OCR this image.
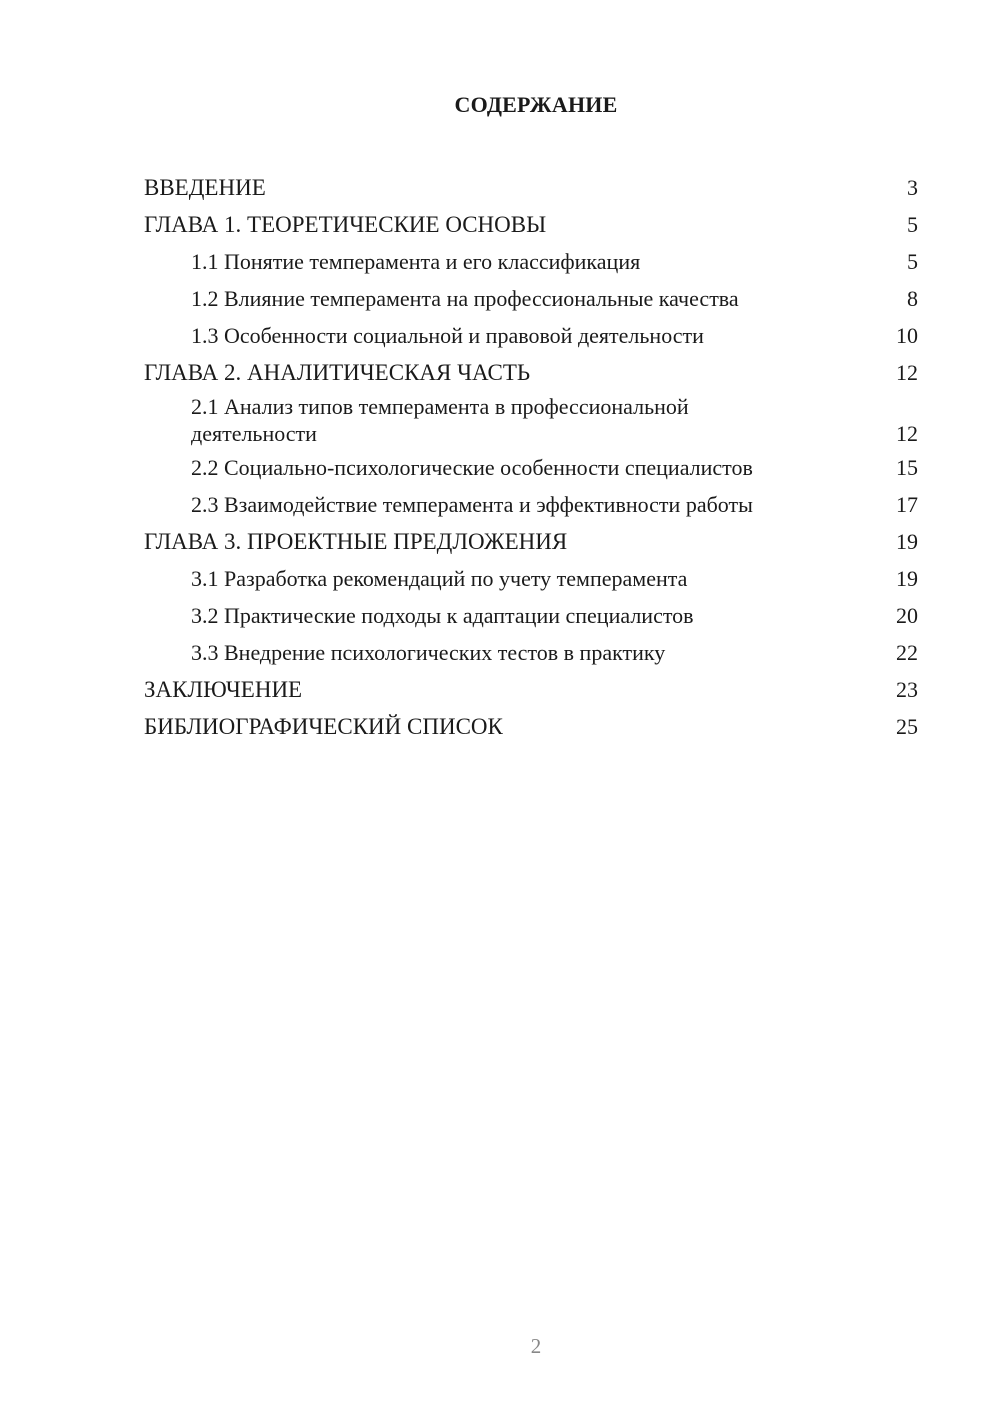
СОДЕРЖАНИЕ
ВВЕДЕНИЕ	3
ГЛАВА 1. ТЕОРЕТИЧЕСКИЕ ОСНОВЫ	5
1.1 Понятие темперамента и его классификация	5
1.2 Влияние темперамента на профессиональные качества	8
1.3 Особенности социальной и правовой деятельности	10
ГЛАВА 2. АНАЛИТИЧЕСКАЯ ЧАСТЬ	12
2.1 Анализ типов темперамента в профессиональной деятельности	12
2.2 Социально-психологические особенности специалистов	15
2.3 Взаимодействие темперамента и эффективности работы	17
ГЛАВА 3. ПРОЕКТНЫЕ ПРЕДЛОЖЕНИЯ	19
3.1 Разработка рекомендаций по учету темперамента	19
3.2 Практические подходы к адаптации специалистов	20
3.3 Внедрение психологических тестов в практику	22
ЗАКЛЮЧЕНИЕ	23
БИБЛИОГРАФИЧЕСКИЙ СПИСОК	25
2
